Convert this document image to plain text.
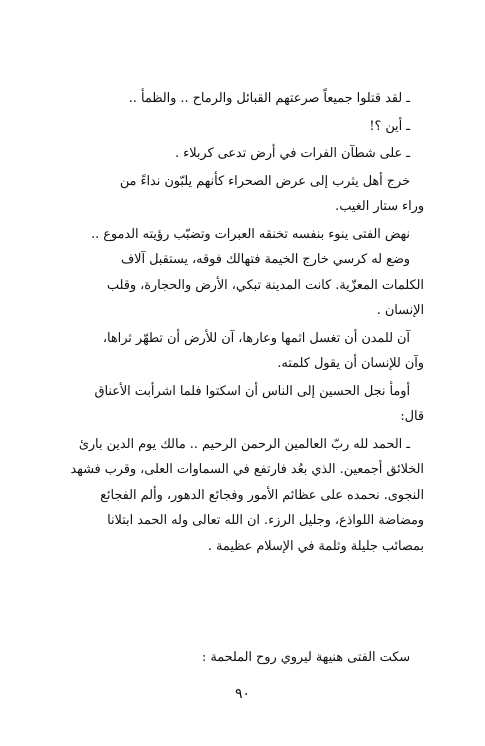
ـ لقد قتلوا جميعاً صرعتهم القبائل والرماح .. والظمأ ..

ـ أين ؟!

ـ على شطآن الفرات في أرض تدعى كربلاء .

خرج أهل يثرب إلى عرض الصحراء كأنهم يلبّون نداءً من
وراء ستار الغيب.

نهض الفتى ينوء بنفسه تخنقه العبرات وتضبّب رؤيته الدموع ..
وضع له كرسي خارج الخيمة فتهالك فوقه، يستقبل آلاف
الكلمات المعزّية. كانت المدينة تبكي، الأرض والحجارة، وقلب
الإنسان .

آن للمدن أن تغسل اثمها وعارها، آن للأرض أن تطهّر ثراها،
وآن للإنسان أن يقول كلمته.

أومأ نجل الحسين إلى الناس أن اسكتوا فلما اشرأبت الأعناق
قال:

ـ الحمد لله ربّ العالمين الرحمن الرحيم .. مالك يوم الدين بارئ
الخلائق أجمعين. الذي بعُد فارتفع في السماوات العلى، وقرب فشهد
النجوى. نحمده على عظائم الأمور وفجائع الدهور، وألم الفجائع
ومضاضة اللواذع، وجليل الرزء. ان الله تعالى وله الحمد ابتلانا
بمصائب جليلة وثلمة في الإسلام عظيمة .

سكت الفتى هنيهة ليروي روح الملحمة :
٩٠
